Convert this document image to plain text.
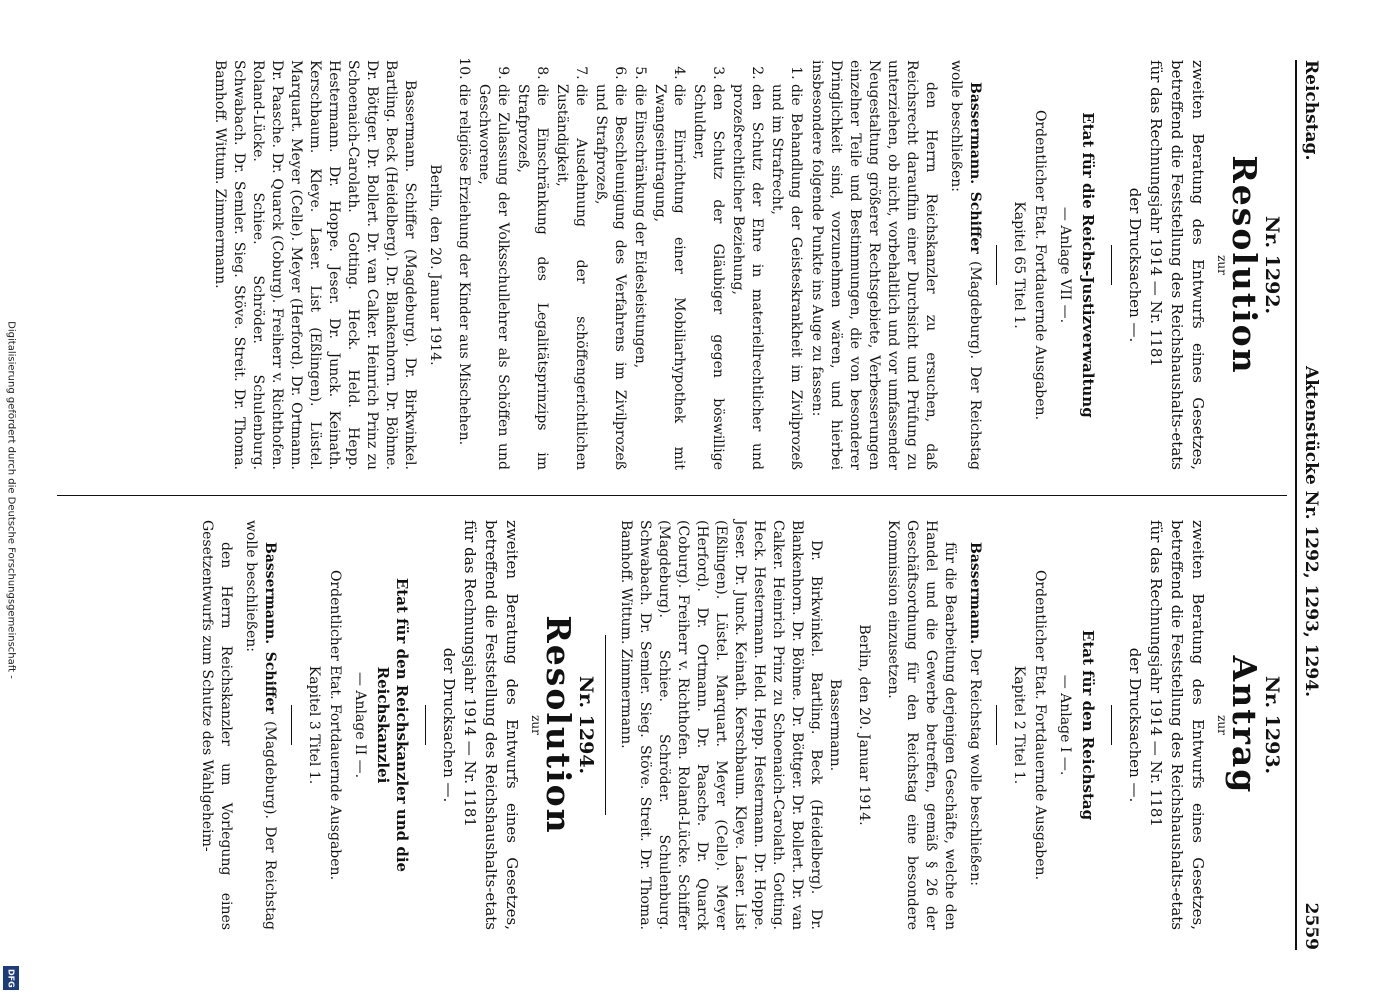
Digitalisierung gefördert durch die Deutsche Forschungsgemeinschaft -
DFG
Reichstag.
Aktenstücke Nr. 1292, 1293, 1294.
2559
Nr. 1292.
Resolution
zur
zweiten Beratung des Entwurfs eines Gesetzes, betreffend die Feststellung des Reichshaushalts-etats für das Rechnungsjahr 1914 — Nr. 1181
der Drucksachen —.
Etat für die Reichs-Justizverwaltung
— Anlage VII —.
Ordentlicher Etat. Fortdauernde Ausgaben.
Kapitel 65 Titel 1.
Bassermann. Schiffer (Magdeburg). Der Reichstag wolle beschließen:
den Herrn Reichskanzler zu ersuchen, daß Reichsrecht daraufhin einer Durchsicht und Prüfung zu unterziehen, ob nicht, vorbehaltlich und vor umfassender Neugestaltung größerer Rechtsgebiete, Verbesserungen einzelner Teile und Bestimmungen, die von besonderer Dringlichkeit sind, vorzunehmen wären, und hierbei insbesondere folgende Punkte ins Auge zu fassen:
1. die Behandlung der Geisteskrankheit im Zivilprozeß und im Strafrecht,
2. den Schutz der Ehre in materiellrechtlicher und prozeßrechtlicher Beziehung,
3. den Schutz der Gläubiger gegen böswillige Schuldner,
4. die Einrichtung einer Mobiliarhypothek mit Zwangseintragung,
5. die Einschränkung der Eidesleistungen,
6. die Beschleunigung des Verfahrens im Zivilprozeß und Strafprozeß,
7. die Ausdehnung der schöffengerichtlichen Zuständigkeit,
8. die Einschränkung des Legalitätsprinzips im Strafprozeß,
9. die Zulassung der Volksschullehrer als Schöffen und Geschworene,
10. die religiöse Erziehung der Kinder aus Mischehen.
Berlin, den 20. Januar 1914.
Bassermann. Schiffer (Magdeburg). Dr. Birkwinkel. Bartling. Beck (Heidelberg). Dr. Blankenhorn. Dr. Böhme. Dr. Böttger. Dr. Bollert. Dr. van Calker. Heinrich Prinz zu Schoenaich-Carolath. Gotting. Heck. Held. Hepp. Hestermann. Dr. Hoppe. Jeser. Dr. Junck. Keinath. Kerschbaum. Kleye. Laser. List (Eßlingen). Lüstel. Marquart. Meyer (Celle). Meyer (Herford). Dr. Ortmann. Dr. Paasche. Dr. Quarck (Coburg). Freiherr v. Richthofen. Roland-Lücke. Schiee. Schröder. Schulenburg. Schwabach. Dr. Semler. Sieg. Stöve. Streit. Dr. Thoma. Bamhoff. Wittum. Zimmermann.
Nr. 1293.
Antrag
zur
zweiten Beratung des Entwurfs eines Gesetzes, betreffend die Feststellung des Reichshaushalts-etats für das Rechnungsjahr 1914 — Nr. 1181
der Drucksachen —.
Etat für den Reichstag
— Anlage I —.
Ordentlicher Etat. Fortdauernde Ausgaben.
Kapitel 2 Titel 1.
Bassermann. Der Reichstag wolle beschließen:
für die Bearbeitung derjenigen Geschäfte, welche den Handel und die Gewerbe betreffen, gemäß § 26 der Geschäftsordnung für den Reichstag eine besondere Kommission einzusetzen.
Berlin, den 20. Januar 1914.
Bassermann.
Dr. Birkwinkel. Bartling. Beck (Heidelberg). Dr. Blankenhorn. Dr. Böhme. Dr. Böttger. Dr. Bollert. Dr. van Calker. Heinrich Prinz zu Schoenaich-Carolath. Gotting. Heck. Hestermann. Held. Hepp. Hestermann. Dr. Hoppe. Jeser. Dr. Junck. Keinath. Kerschbaum. Kleye. Laser. List (Eßlingen). Lüstel. Marquart. Meyer (Celle). Meyer (Herford). Dr. Ortmann. Dr. Paasche. Dr. Quarck (Coburg). Freiherr v. Richthofen. Roland-Lücke. Schiffer (Magdeburg). Schiee. Schröder. Schulenburg. Schwabach. Dr. Semler. Sieg. Stöve. Streit. Dr. Thoma. Bamhoff. Wittum. Zimmermann.
Nr. 1294.
Resolution
zur
zweiten Beratung des Entwurfs eines Gesetzes, betreffend die Feststellung des Reichshaushalts-etats für das Rechnungsjahr 1914 — Nr. 1181
der Drucksachen —.
Etat für den Reichskanzler und die Reichskanzlei
— Anlage II —.
Ordentlicher Etat. Fortdauernde Ausgaben.
Kapitel 3 Titel 1.
Bassermann. Schiffer (Magdeburg). Der Reichstag wolle beschließen:
den Herrn Reichskanzler um Vorlegung eines Gesetzentwurfs zum Schutze des Wahlgeheim-
